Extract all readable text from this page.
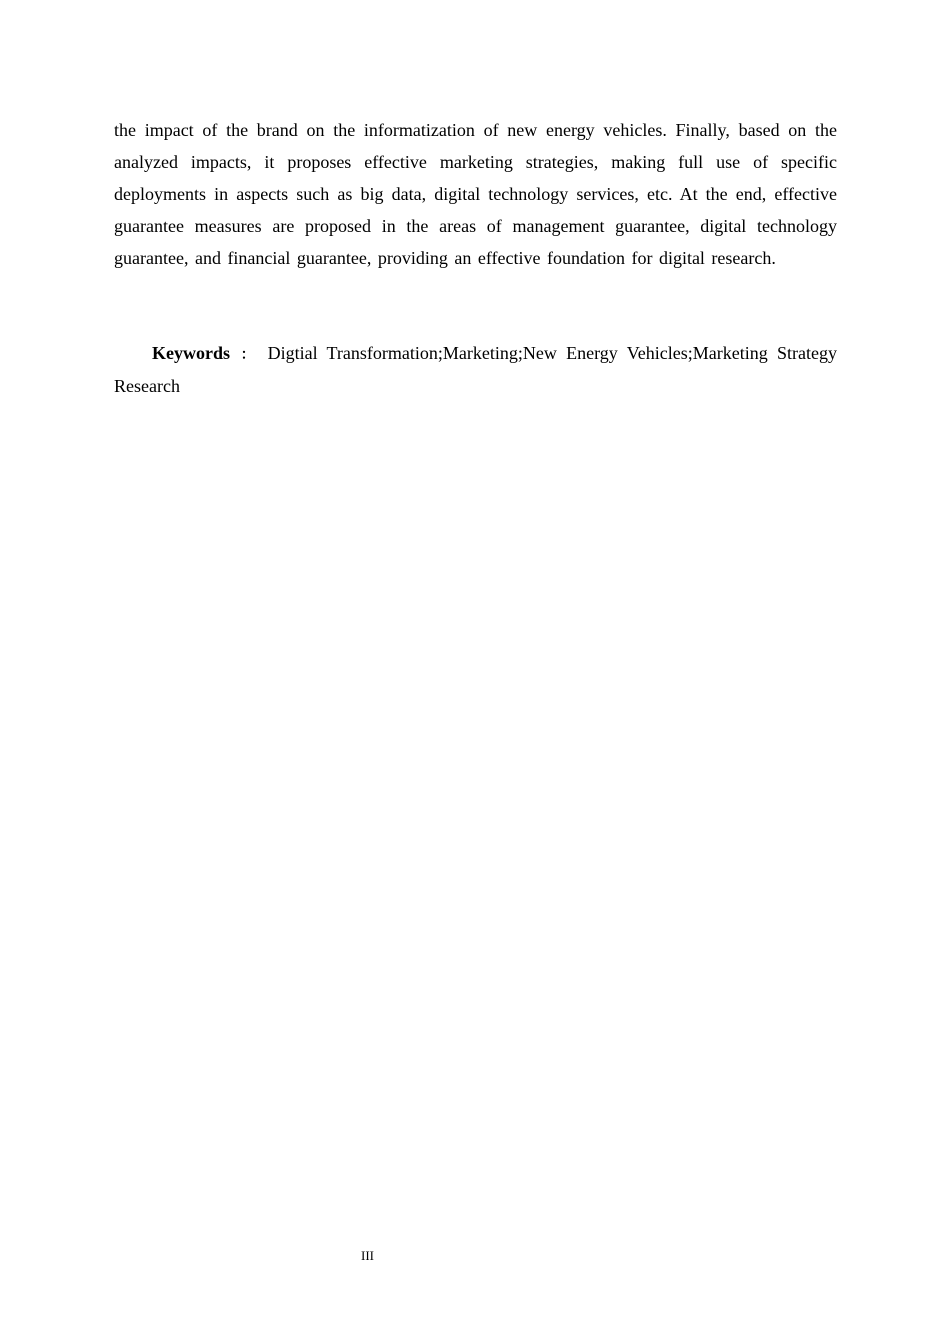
the impact of the brand on the informatization of new energy vehicles. Finally, based on the analyzed impacts, it proposes effective marketing strategies, making full use of specific deployments in aspects such as big data, digital technology services, etc. At the end, effective guarantee measures are proposed in the areas of management guarantee, digital technology guarantee, and financial guarantee, providing an effective foundation for digital research.

Keywords ： Digtial Transformation;Marketing;New Energy Vehicles;Marketing Strategy Research

III
